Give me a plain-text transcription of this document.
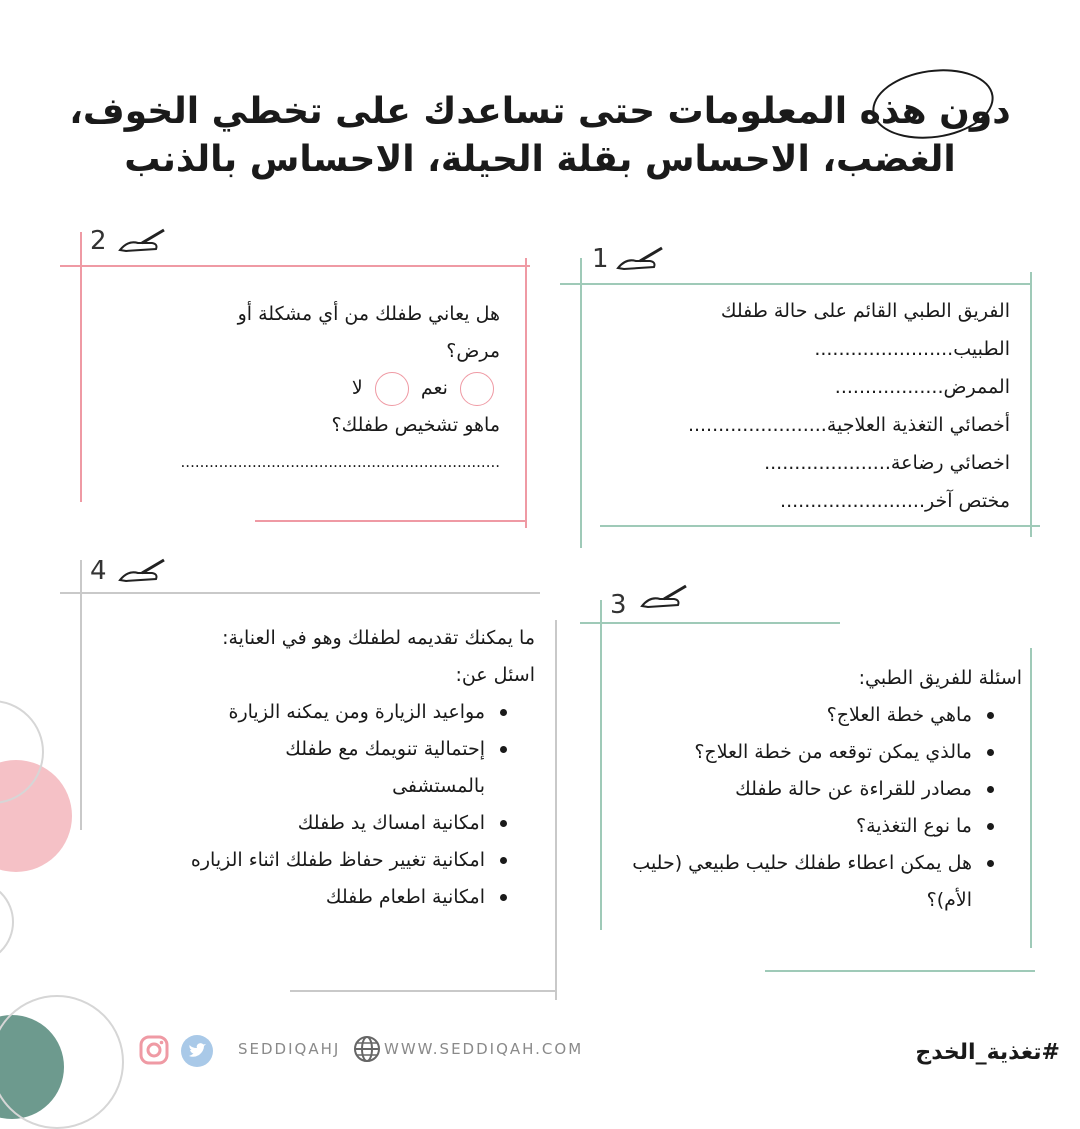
دون هذه المعلومات حتى تساعدك على تخطي الخوف،
الغضب، الاحساس بقلة الحيلة، الاحساس بالذنب
1
الفريق الطبي القائم على حالة طفلك
الطبيب.......................
الممرض..................
أخصائي التغذية العلاجية.......................
اخصائي رضاعة.....................
مختص آخر........................
2
هل يعاني طفلك من أي مشكلة أو
مرض؟
نعم  لا
ماهو تشخيص طفلك؟
...................................................................
3
اسئلة للفريق الطبي:
ماهي خطة العلاج؟
مالذي يمكن توقعه من خطة العلاج؟
مصادر للقراءة عن حالة طفلك
ما نوع التغذية؟
هل يمكن اعطاء طفلك حليب طبيعي (حليب الأم)؟
4
ما يمكنك تقديمه لطفلك وهو في العناية:
اسئل عن:
مواعيد الزيارة ومن يمكنه الزيارة
إحتمالية تنويمك مع طفلك بالمستشفى
امكانية امساك يد طفلك
امكانية تغيير حفاظ طفلك اثناء الزياره
امكانية اطعام طفلك
SEDDIQAHJ	WWW.SEDDIQAH.COM	#تغذية_الخدج
